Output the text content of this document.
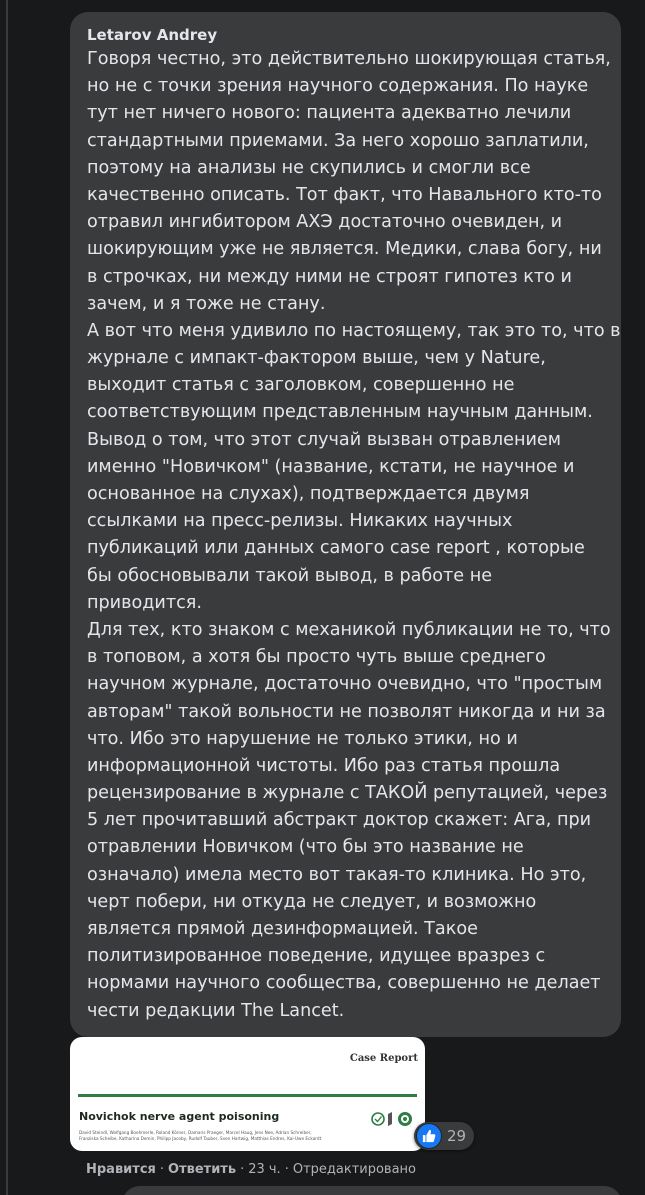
Letarov Andrey
Говоря честно, это действительно шокирующая статья,
но не с точки зрения научного содержания. По науке
тут нет ничего нового: пациента адекватно лечили
стандартными приемами. За него хорошо заплатили,
поэтому на анализы не скупились и смогли все
качественно описать. Тот факт, что Навального кто-то
отравил ингибитором АХЭ достаточно очевиден, и
шокирующим уже не является. Медики, слава богу, ни
в строчках, ни между ними не строят гипотез кто и
зачем, и я тоже не стану.
А вот что меня удивило по настоящему, так это то, что в
журнале с импакт-фактором выше, чем у Nature,
выходит статья с заголовком, совершенно не
соответствующим представленным научным данным.
Вывод о том, что этот случай вызван отравлением
именно "Новичком" (название, кстати, не научное и
основанное на слухах), подтверждается двумя
ссылками на пресс-релизы. Никаких научных
публикаций или данных самого case report , которые
бы обосновывали такой вывод, в работе не
приводится.
Для тех, кто знаком с механикой публикации не то, что
в топовом, а хотя бы просто чуть выше среднего
научном журнале, достаточно очевидно, что "простым
авторам" такой вольности не позволят никогда и ни за
что. Ибо это нарушение не только этики, но и
информационной чистоты. Ибо раз статья прошла
рецензирование в журнале с ТАКОЙ репутацией, через
5 лет прочитавший абстракт доктор скажет: Ага, при
отравлении Новичком (что бы это название не
означало) имела место вот такая-то клиника. Но это,
черт побери, ни откуда не следует, и возможно
является прямой дезинформацией. Такое
политизированное поведение, идущее вразрез с
нормами научного сообщества, совершенно не делает
чести редакции The Lancet.
Case Report
Novichok nerve agent poisoning
David Steindl, Wolfgang Boehmerle, Roland Körner, Damaris Praeger, Marcel Haug, Jens Nee, Adrian Schreiber, Franziska Scheibe, Katharina Demin, Philipp Jacoby, Rudolf Tauber, Sven Hartwig, Matthias Endres, Kai-Uwe Eckardt	29
Нравится · Ответить · 23 ч. · Отредактировано
